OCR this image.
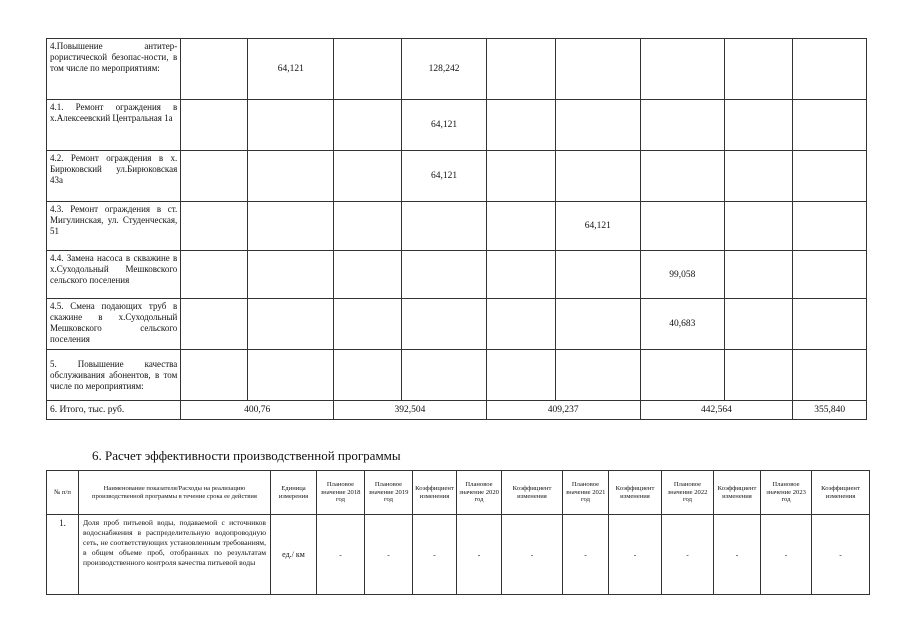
4.Повышение антитер-рористической безопас-ности, в том числе по мероприятиям:		64,121		128,242					
4.1. Ремонт ограждения в х.Алексеевский Центральная 1а				64,121					
4.2. Ремонт ограждения в х. Бирюковский ул.Бирюковская 43а				64,121					
4.3. Ремонт ограждения в ст. Мигулинская, ул. Студенческая, 51						64,121			
4.4. Замена насоса в скважине в х.Суходольный Мешковского сельского поселения							99,058		
4.5. Смена подающих труб в скажине в х.Суходольный Мешковского сельского поселения							40,683		
5. Повышение качества обслуживания абонентов, в том числе по мероприятиям:									
6. Итого, тыс. руб.	400,76		392,504		409,237		442,564		355,840
6. Расчет эффективности производственной программы
№ п/п	Наименование показателя/Расходы на реализацию производственной программы в течение срока ее действия	Единица измерения	Плановое значение 2018 год	Плановое значение 2019 год	Коэффициент изменения	Плановое значение 2020 год	Коэффициент изменения	Плановое значение 2021 год	Коэффициент изменения	Плановое значение 2022 год	Коэффициент изменения	Плановое значение 2023 год	Коэффициент изменения
1.	Доля проб питьевой воды, подаваемой с источников водоснабжения в распределительную водопроводную сеть, не соответствующих установленным требованиям, в общем объеме проб, отобранных по результатам производственного контроля качества питьевой воды	ед./ км	-	-	-	-	-	-	-	-	-	-	-
